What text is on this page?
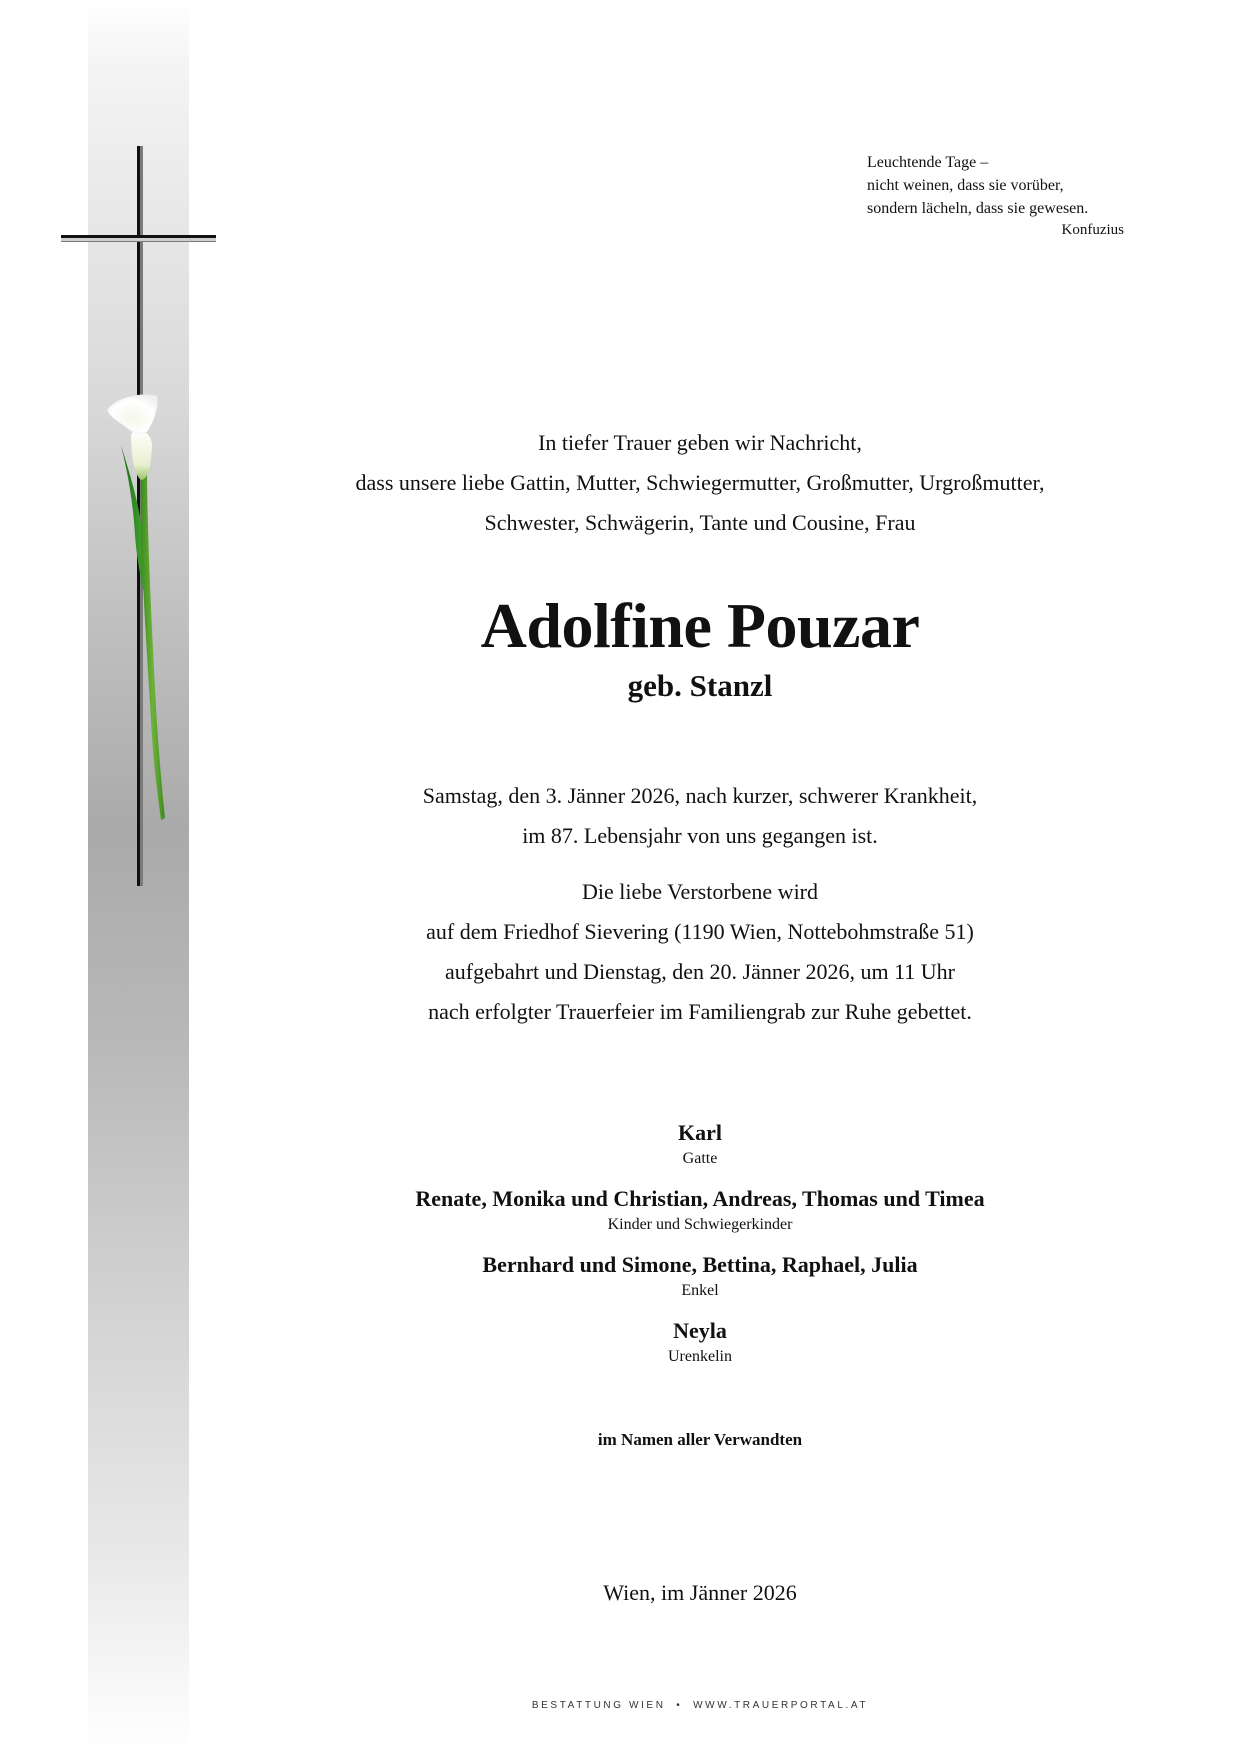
Leuchtende Tage –
nicht weinen, dass sie vorüber,
sondern lächeln, dass sie gewesen.
Konfuzius
In tiefer Trauer geben wir Nachricht,
dass unsere liebe Gattin, Mutter, Schwiegermutter, Großmutter, Urgroßmutter,
Schwester, Schwägerin, Tante und Cousine, Frau
Adolfine Pouzar
geb. Stanzl
Samstag, den 3. Jänner 2026, nach kurzer, schwerer Krankheit,
im 87. Lebensjahr von uns gegangen ist.
Die liebe Verstorbene wird
auf dem Friedhof Sievering (1190 Wien, Nottebohmstraße 51)
aufgebahrt und Dienstag, den 20. Jänner 2026, um 11 Uhr
nach erfolgter Trauerfeier im Familiengrab zur Ruhe gebettet.
Karl
Gatte
Renate, Monika und Christian, Andreas, Thomas und Timea
Kinder und Schwiegerkinder
Bernhard und Simone, Bettina, Raphael, Julia
Enkel
Neyla
Urenkelin
im Namen aller Verwandten
Wien, im Jänner 2026
BESTATTUNG WIEN  •  WWW.TRAUERPORTAL.AT
